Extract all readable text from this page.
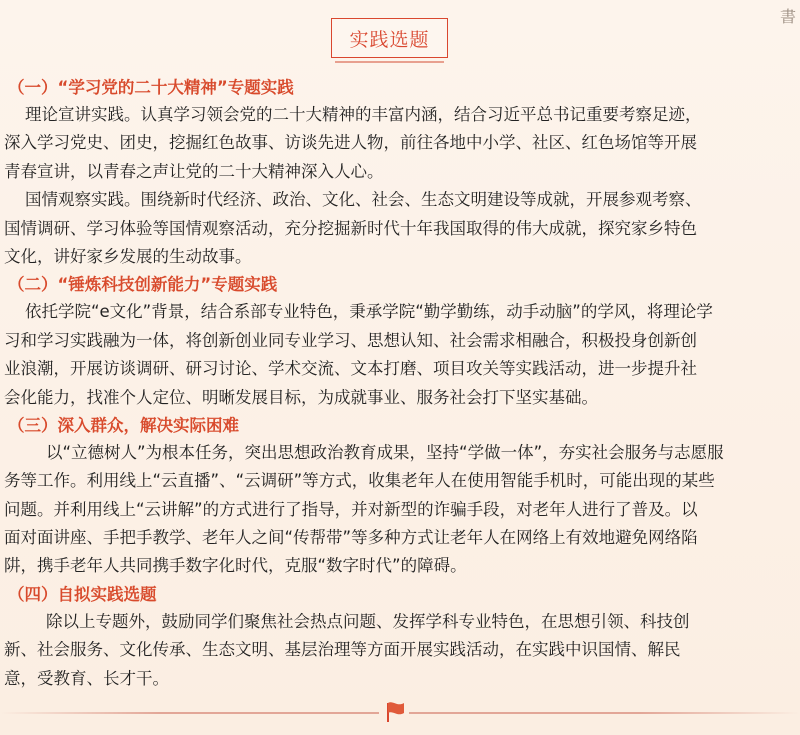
实践选题
書
（一）“学习党的二十大精神”专题实践

理论宣讲实践。认真学习领会党的二十大精神的丰富内涵，结合习近平总书记重要考察足迹，
深入学习党史、团史，挖掘红色故事、访谈先进人物，前往各地中小学、社区、红色场馆等开展
青春宣讲，以青春之声让党的二十大精神深入人心。

国情观察实践。围绕新时代经济、政治、文化、社会、生态文明建设等成就，开展参观考察、
国情调研、学习体验等国情观察活动，充分挖掘新时代十年我国取得的伟大成就，探究家乡特色
文化，讲好家乡发展的生动故事。

（二）“锤炼科技创新能力”专题实践

依托学院“e文化”背景，结合系部专业特色，秉承学院“勤学勤练，动手动脑”的学风，将理论学
习和学习实践融为一体，将创新创业同专业学习、思想认知、社会需求相融合，积极投身创新创
业浪潮，开展访谈调研、研习讨论、学术交流、文本打磨、项目攻关等实践活动，进一步提升社
会化能力，找准个人定位、明晰发展目标，为成就事业、服务社会打下坚实基础。

（三）深入群众，解决实际困难

以“立德树人”为根本任务，突出思想政治教育成果，坚持“学做一体”，夯实社会服务与志愿服
务等工作。利用线上“云直播”、“云调研”等方式，收集老年人在使用智能手机时，可能出现的某些
问题。并利用线上“云讲解”的方式进行了指导，并对新型的诈骗手段，对老年人进行了普及。以
面对面讲座、手把手教学、老年人之间“传帮带”等多种方式让老年人在网络上有效地避免网络陷
阱，携手老年人共同携手数字化时代，克服“数字时代”的障碍。

（四）自拟实践选题

除以上专题外，鼓励同学们聚焦社会热点问题、发挥学科专业特色，在思想引领、科技创
新、社会服务、文化传承、生态文明、基层治理等方面开展实践活动，在实践中识国情、解民
意，受教育、长才干。
